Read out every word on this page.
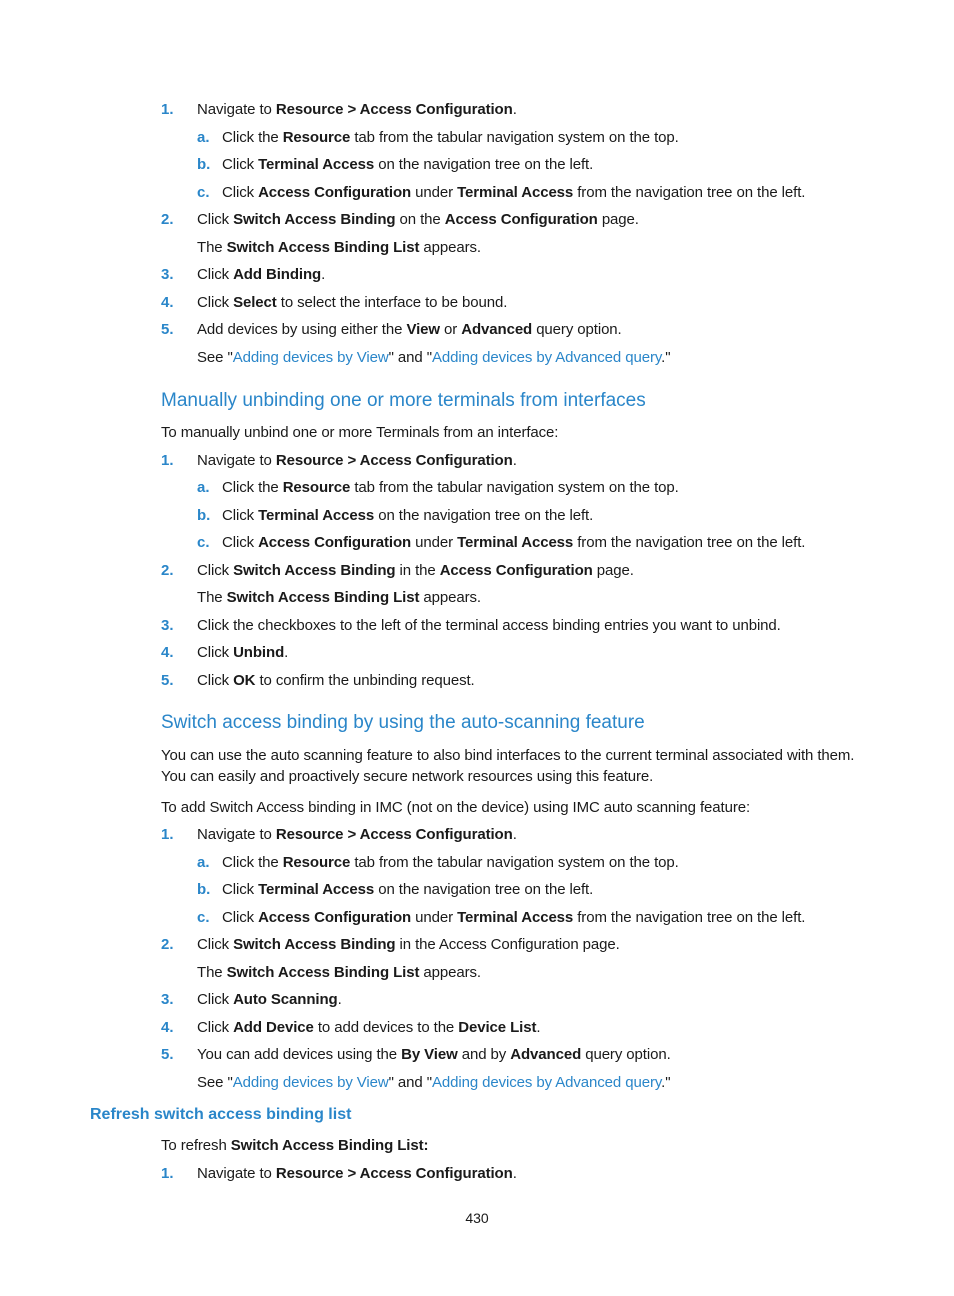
1. Navigate to Resource > Access Configuration.
a. Click the Resource tab from the tabular navigation system on the top.
b. Click Terminal Access on the navigation tree on the left.
c. Click Access Configuration under Terminal Access from the navigation tree on the left.
2. Click Switch Access Binding on the Access Configuration page.
The Switch Access Binding List appears.
3. Click Add Binding.
4. Click Select to select the interface to be bound.
5. Add devices by using either the View or Advanced query option.
See "Adding devices by View" and "Adding devices by Advanced query."
Manually unbinding one or more terminals from interfaces
To manually unbind one or more Terminals from an interface:
1. Navigate to Resource > Access Configuration.
a. Click the Resource tab from the tabular navigation system on the top.
b. Click Terminal Access on the navigation tree on the left.
c. Click Access Configuration under Terminal Access from the navigation tree on the left.
2. Click Switch Access Binding in the Access Configuration page.
The Switch Access Binding List appears.
3. Click the checkboxes to the left of the terminal access binding entries you want to unbind.
4. Click Unbind.
5. Click OK to confirm the unbinding request.
Switch access binding by using the auto-scanning feature
You can use the auto scanning feature to also bind interfaces to the current terminal associated with them.
You can easily and proactively secure network resources using this feature.
To add Switch Access binding in IMC (not on the device) using IMC auto scanning feature:
1. Navigate to Resource > Access Configuration.
a. Click the Resource tab from the tabular navigation system on the top.
b. Click Terminal Access on the navigation tree on the left.
c. Click Access Configuration under Terminal Access from the navigation tree on the left.
2. Click Switch Access Binding in the Access Configuration page.
The Switch Access Binding List appears.
3. Click Auto Scanning.
4. Click Add Device to add devices to the Device List.
5. You can add devices using the By View and by Advanced query option.
See "Adding devices by View" and "Adding devices by Advanced query."
Refresh switch access binding list
To refresh Switch Access Binding List:
1. Navigate to Resource > Access Configuration.
430
